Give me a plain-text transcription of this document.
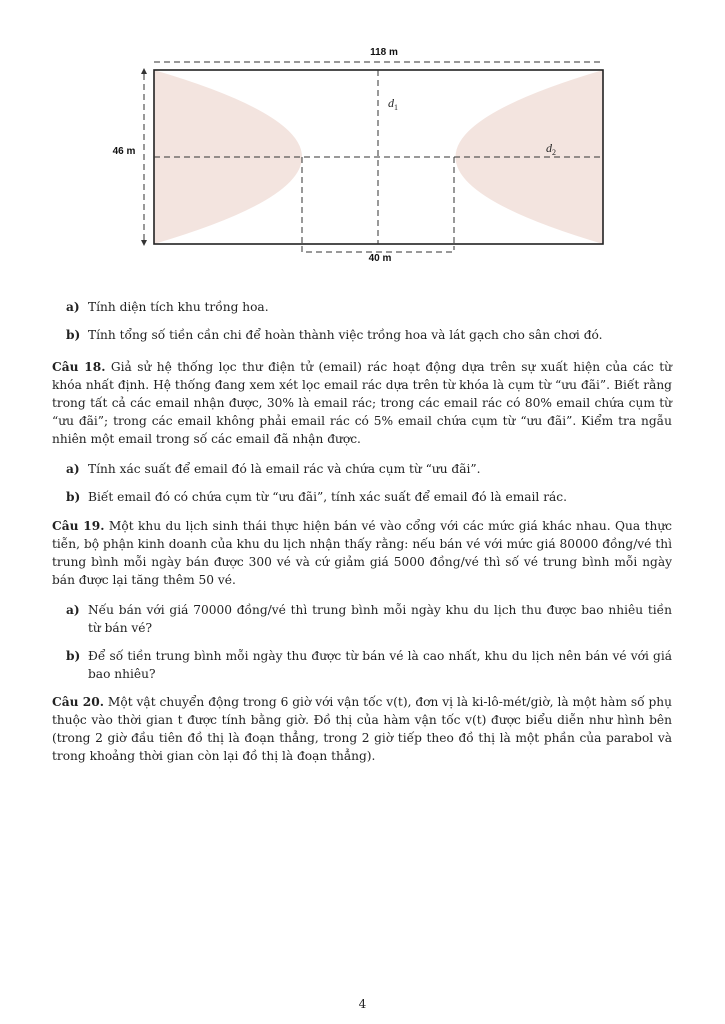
118 m
46 m
$d_1$
$d_2$
40 m

a) Tính diện tích khu trồng hoa.

b) Tính tổng số tiền cần chi để hoàn thành việc trồng hoa và lát gạch cho sân chơi đó.

Câu 18. Giả sử hệ thống lọc thư điện tử (email) rác hoạt động dựa trên sự xuất hiện của các từ khóa nhất định. Hệ thống đang xem xét lọc email rác dựa trên từ khóa là cụm từ “ưu đãi”. Biết rằng trong tất cả các email nhận được, 30% là email rác; trong các email rác có 80% email chứa cụm từ “ưu đãi”; trong các email không phải email rác có 5% email chứa cụm từ “ưu đãi”. Kiểm tra ngẫu nhiên một email trong số các email đã nhận được.

a) Tính xác suất để email đó là email rác và chứa cụm từ “ưu đãi”.

b) Biết email đó có chứa cụm từ “ưu đãi”, tính xác suất để email đó là email rác.

Câu 19. Một khu du lịch sinh thái thực hiện bán vé vào cổng với các mức giá khác nhau. Qua thực tiễn, bộ phận kinh doanh của khu du lịch nhận thấy rằng: nếu bán vé với mức giá 80000 đồng/vé thì trung bình mỗi ngày bán được 300 vé và cứ giảm giá 5000 đồng/vé thì số vé trung bình mỗi ngày bán được lại tăng thêm 50 vé.

a) Nếu bán với giá 70000 đồng/vé thì trung bình mỗi ngày khu du lịch thu được bao nhiêu tiền từ bán vé?

b) Để số tiền trung bình mỗi ngày thu được từ bán vé là cao nhất, khu du lịch nên bán vé với giá bao nhiêu?

Câu 20. Một vật chuyển động trong 6 giờ với vận tốc v(t), đơn vị là ki-lô-mét/giờ, là một hàm số phụ thuộc vào thời gian t được tính bằng giờ. Đồ thị của hàm vận tốc v(t) được biểu diễn như hình bên (trong 2 giờ đầu tiên đồ thị là đoạn thẳng, trong 2 giờ tiếp theo đồ thị là một phần của parabol và trong khoảng thời gian còn lại đồ thị là đoạn thẳng).

4
